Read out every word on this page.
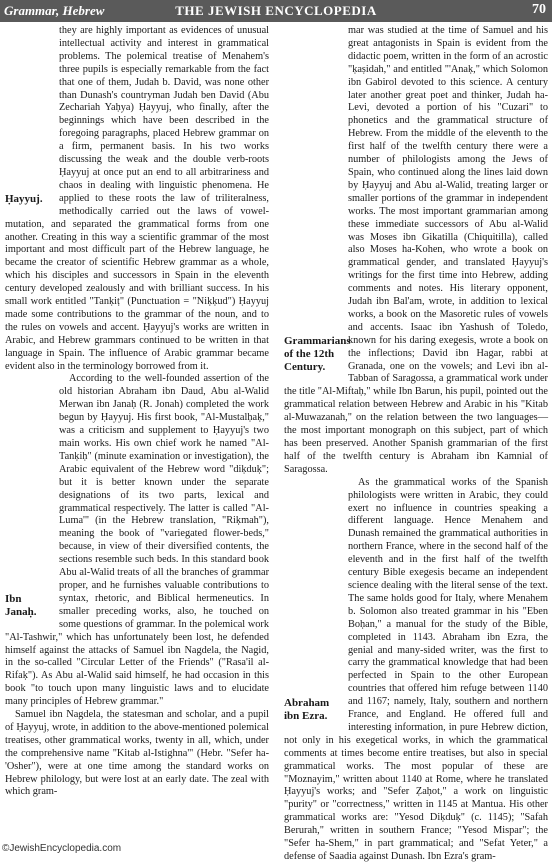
Grammar, Hebrew	THE JEWISH ENCYCLOPEDIA	70
Ḥayyuj.

they are highly important as evidences of unusual intellectual activity and interest in grammatical problems. The polemical treatise of Menahem's three pupils is especially remarkable from the fact that one of them, Judah b. David, was none other than Dunash's countryman Judah ben David (Abu Zechariah Yaḥya) Ḥayyuj, who finally, after the beginnings which have been described in the foregoing paragraphs, placed Hebrew grammar on a firm, permanent basis. In his two works discussing the weak and the double verb-roots Ḥayyuj at once put an end to all arbitrariness and chaos in dealing with linguistic phenomena. He applied to these roots the law of triliteralness, methodically carried out the laws of vowel-mutation, and separated the grammatical forms from one another. Creating in this way a scientific grammar of the most important and most difficult part of the Hebrew language, he became the creator of scientific Hebrew grammar as a whole, which his disciples and successors in Spain in the eleventh century developed zealously and with brilliant success. In his small work entitled "Tanḳiṭ" (Punctuation = "Niḳḳud") Ḥayyuj made some contributions to the grammar of the noun, and to the rules on vowels and accent. Ḥayyuj's works are written in Arabic, and Hebrew grammars continued to be written in that language in Spain. The influence of Arabic grammar became evident also in the terminology borrowed from it.

Ibn Janaḥ.

According to the well-founded assertion of the old historian Abraham ibn Daud, Abu al-Walid Merwan ibn Janaḥ (R. Jonah) completed the work begun by Ḥayyuj. His first book, "Al-Mustalḥaḳ," was a criticism and supplement to Ḥayyuj's two main works. His own chief work he named "Al-Tanḳiḥ" (minute examination or investigation), the Arabic equivalent of the Hebrew word "diḳduḳ"; but it is better known under the separate designations of its two parts, lexical and grammatical respectively. The latter is called "Al-Luma'" (in the Hebrew translation, "Riḳmah"), meaning the book of "variegated flower-beds," because, in view of their diversified contents, the sections resemble such beds. In this standard book Abu al-Walid treats of all the branches of grammar proper, and he furnishes valuable contributions to syntax, rhetoric, and Biblical hermeneutics. In smaller preceding works, also, he touched on some questions of grammar. In the polemical work "Al-Tashwir," which has unfortunately been lost, he defended himself against the attacks of Samuel ibn Nagdela, the Nagid, in the so-called "Circular Letter of the Friends" ("Rasa'il al-Rifaḳ"). As Abu al-Walid said himself, he had occasion in this book "to touch upon many linguistic laws and to elucidate many principles of Hebrew grammar."

Samuel ibn Nagdela, the statesman and scholar, and a pupil of Ḥayyuj, wrote, in addition to the above-mentioned polemical treatises, other grammatical works, twenty in all, which, under the comprehensive name "Kitab al-Istighna'" (Hebr. "Sefer ha-'Osher"), were at one time among the standard works on Hebrew philology, but were lost at an early date. The zeal with which gram-

Grammarians of the 12th Century.

mar was studied at the time of Samuel and his great antagonists in Spain is evident from the didactic poem, written in the form of an acrostic "ḳaṣidah," and entitled "'Anaḳ," which Solomon ibn Gabirol devoted to this science. A century later another great poet and thinker, Judah ha-Levi, devoted a portion of his "Cuzari" to phonetics and the grammatical structure of Hebrew. From the middle of the eleventh to the first half of the twelfth century there were a number of philologists among the Jews of Spain, who continued along the lines laid down by Ḥayyuj and Abu al-Walid, treating larger or smaller portions of the grammar in independent works. The most important grammarian among these immediate successors of Abu al-Walid was Moses ibn Gikatilla (Chiquitilla), called also Moses ha-Kohen, who wrote a book on grammatical gender, and translated Ḥayyuj's writings for the first time into Hebrew, adding comments and notes. His literary opponent, Judah ibn Bal'am, wrote, in addition to lexical works, a book on the Masoretic rules of vowels and accents. Isaac ibn Yashush of Toledo, known for his daring exegesis, wrote a book on the inflections; David ibn Hagar, rabbi at Granada, one on the vowels; and Levi ibn al-Tabban of Saragossa, a grammatical work under the title "Al-Miftaḥ," while Ibn Barun, his pupil, pointed out the grammatical relation between Hebrew and Arabic in his "Kitab al-Muwazanah," on the relation between the two languages—the most important monograph on this subject, part of which has been preserved. Another Spanish grammarian of the first half of the twelfth century is Abraham ibn Kamnial of Saragossa.

Abraham ibn Ezra.

As the grammatical works of the Spanish philologists were written in Arabic, they could exert no influence in countries speaking a different language. Hence Menahem and Dunash remained the grammatical authorities in northern France, where in the second half of the eleventh and in the first half of the twelfth century Bible exegesis became an independent science dealing with the literal sense of the text. The same holds good for Italy, where Menahem b. Solomon also treated grammar in his "Eben Boḥan," a manual for the study of the Bible, completed in 1143. Abraham ibn Ezra, the genial and many-sided writer, was the first to carry the grammatical knowledge that had been perfected in Spain to the other European countries that offered him refuge between 1140 and 1167; namely, Italy, southern and northern France, and England. He offered full and interesting information, in pure Hebrew diction, not only in his exegetical works, in which the grammatical comments at times become entire treatises, but also in special grammatical works. The most popular of these are "Moznayim," written about 1140 at Rome, where he translated Ḥayyuj's works; and "Sefer Ẓaḥot," a work on linguistic "purity" or "correctness," written in 1145 at Mantua. His other grammatical works are: "Yesod Diḳduḳ" (c. 1145); "Safah Berurah," written in southern France; "Yesod Mispar"; the "Sefer ha-Shem," in part grammatical; and "Sefat Yeter," a defense of Saadia against Dunash. Ibn Ezra's gram-

©JewishEncyclopedia.com
